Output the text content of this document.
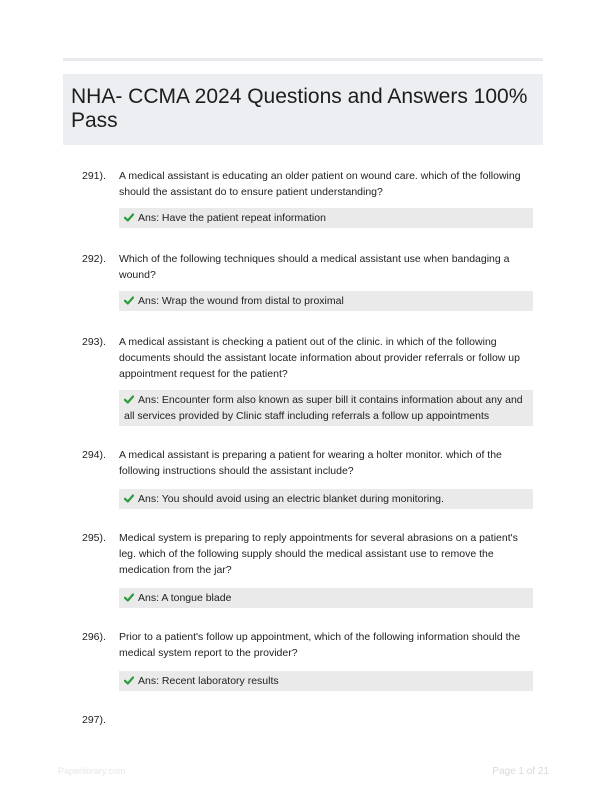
NHA- CCMA 2024 Questions and Answers 100% Pass
291). A medical assistant is educating an older patient on wound care. which of the following should the assistant do to ensure patient understanding?
Ans: Have the patient repeat information
292). Which of the following techniques should a medical assistant use when bandaging a wound?
Ans: Wrap the wound from distal to proximal
293). A medical assistant is checking a patient out of the clinic. in which of the following documents should the assistant locate information about provider referrals or follow up appointment request for the patient?
Ans: Encounter form also known as super bill it contains information about any and all services provided by Clinic staff including referrals a follow up appointments
294). A medical assistant is preparing a patient for wearing a holter monitor. which of the following instructions should the assistant include?
Ans: You should avoid using an electric blanket during monitoring.
295). Medical system is preparing to reply appointments for several abrasions on a patient's leg. which of the following supply should the medical assistant use to remove the medication from the jar?
Ans: A tongue blade
296). Prior to a patient's follow up appointment, which of the following information should the medical system report to the provider?
Ans: Recent laboratory results
297).
Paperlibrary.com	Page 1 of 21
